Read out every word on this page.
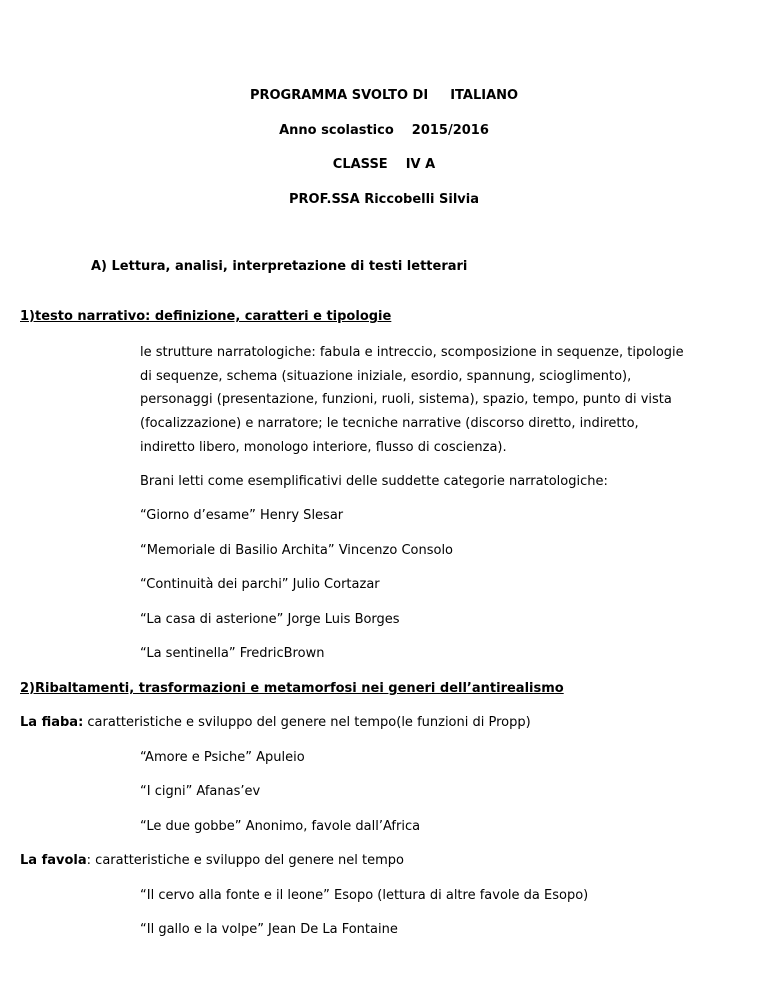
PROGRAMMA SVOLTO DI ITALIANO
Anno scolastico 2015/2016
CLASSE IV A
PROF.SSA Riccobelli Silvia
A) Lettura, analisi, interpretazione di testi letterari
1)testo narrativo: definizione, caratteri e tipologie
le strutture narratologiche: fabula e intreccio, scomposizione in sequenze, tipologie
di sequenze, schema (situazione iniziale, esordio, spannung, scioglimento),
personaggi (presentazione, funzioni, ruoli, sistema), spazio, tempo, punto di vista
(focalizzazione) e narratore; le tecniche narrative (discorso diretto, indiretto,
indiretto libero, monologo interiore, flusso di coscienza).
Brani letti come esemplificativi delle suddette categorie narratologiche:
“Giorno d’esame” Henry Slesar
“Memoriale di Basilio Archita” Vincenzo Consolo
“Continuità dei parchi” Julio Cortazar
“La casa di asterione” Jorge Luis Borges
“La sentinella” FredricBrown
2)Ribaltamenti, trasformazioni e metamorfosi nei generi dell’antirealismo
La fiaba: caratteristiche e sviluppo del genere nel tempo(le funzioni di Propp)
“Amore e Psiche” Apuleio
“I cigni” Afanas’ev
“Le due gobbe” Anonimo, favole dall’Africa
La favola: caratteristiche e sviluppo del genere nel tempo
“Il cervo alla fonte e il leone” Esopo (lettura di altre favole da Esopo)
“Il gallo e la volpe” Jean De La Fontaine
